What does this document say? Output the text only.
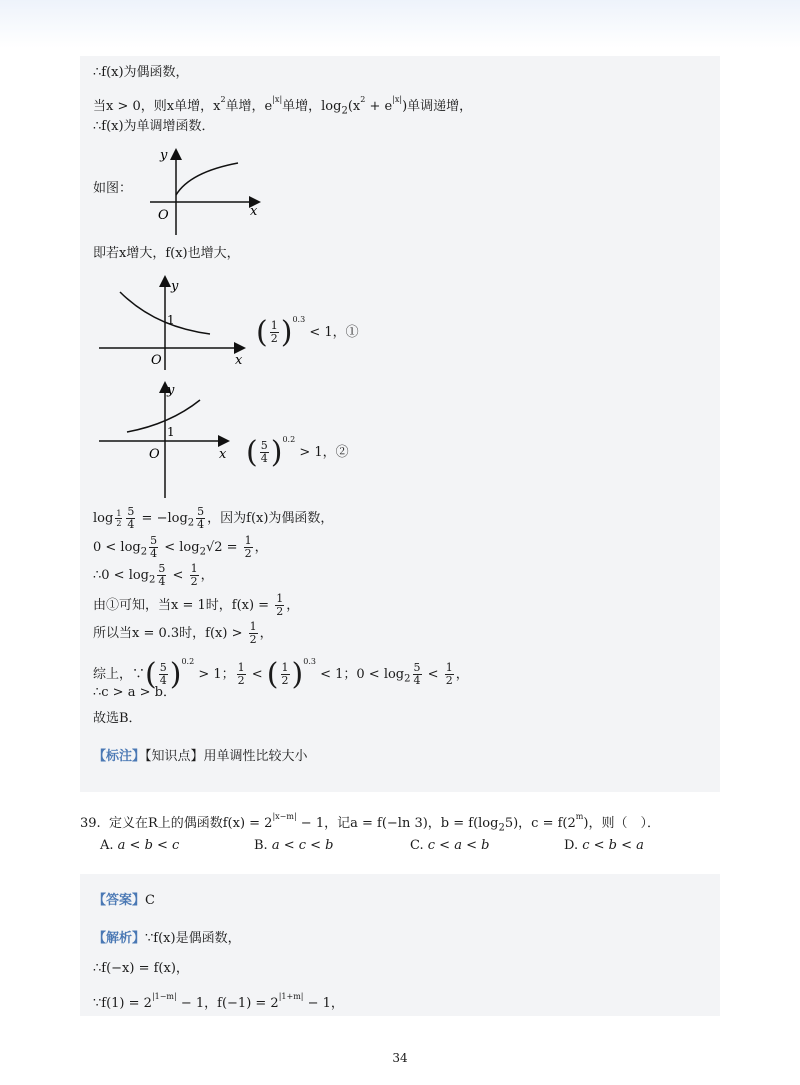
∴f(x)为偶函数，
当x > 0，则x单增，$x^2$单增，$e^{|x|}$单增，$\log_2(x^2 + e^{|x|})$单调递增，
∴f(x)为单调增函数．
如图：
y
x
O
即若x增大，f(x)也增大，
y
x
O
1	( $\frac{1}{2} )^{0.3} < 1$，①
y
x
O
1
( $\frac{5}{4} )^{0.2} > 1$，②
$\log \frac{1}{2} \frac{5}{4} = -\log_2 \frac{5}{4}$ ，因为f(x)为偶函数，
$0 < \log_2 \frac{5}{4} < \log_2√2 = \frac{1}{2}$ ，
∴0 < $\log_2 \frac{5}{4} < \frac{1}{2}$ ，
由①可知，当x = 1时，$f(x) = \frac{1}{2}$ ，
所以当x = 0.3时，$f(x) > \frac{1}{2}$ ，
综上，∵( $\frac{5}{4} )^{0.2} > 1$； $\frac{1}{2}$ < ( $\frac{1}{2} )^{0.3} < 1$；$0 < \log_2 \frac{5}{4} < \frac{1}{2}$ ，
∴c > a > b．
故选B．
【标注】【知识点】用单调性比较大小
39. 定义在R上的偶函数$f(x) = 2^{|x-m|} - 1$，记a = f(−ln 3)，$b = f(\log_25)$，$c = f(2^m)$，则（　）．
A. a < b < c	B. a < c < b	C. c < a < b	D. c < b < a
【答案】C
【解析】∵f(x)是偶函数，
∴f(−x) = f(x)，
∵f(1) = $2^{|1-m|} - 1$，$f(-1) = 2^{|1+m|} - 1$，
34
